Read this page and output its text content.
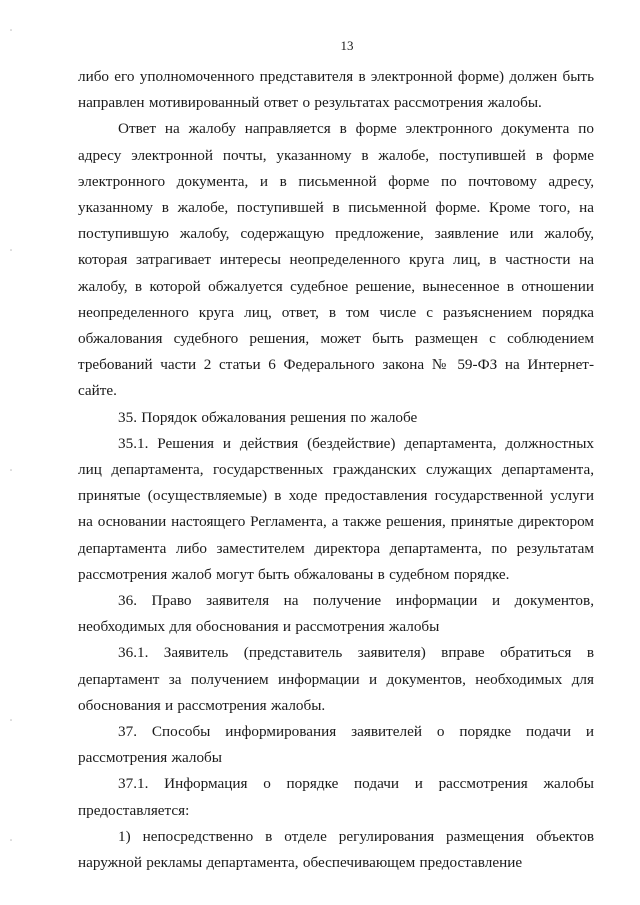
13

либо его уполномоченного представителя в электронной форме) должен быть направлен мотивированный ответ о результатах рассмотрения жалобы.

Ответ на жалобу направляется в форме электронного документа по адресу электронной почты, указанному в жалобе, поступившей в форме электронного документа, и в письменной форме по почтовому адресу, указанному в жалобе, поступившей в письменной форме. Кроме того, на поступившую жалобу, содержащую предложение, заявление или жалобу, которая затрагивает интересы неопределенного круга лиц, в частности на жалобу, в которой обжалуется судебное решение, вынесенное в отношении неопределенного круга лиц, ответ, в том числе с разъяснением порядка обжалования судебного решения, может быть размещен с соблюдением требований части 2 статьи 6 Федерального закона № 59-ФЗ на Интернет-сайте.

35. Порядок обжалования решения по жалобе

35.1. Решения и действия (бездействие) департамента, должностных лиц департамента, государственных гражданских служащих департамента, принятые (осуществляемые) в ходе предоставления государственной услуги на основании настоящего Регламента, а также решения, принятые директором департамента либо заместителем директора департамента, по результатам рассмотрения жалоб могут быть обжалованы в судебном порядке.

36. Право заявителя на получение информации и документов, необходимых для обоснования и рассмотрения жалобы

36.1. Заявитель (представитель заявителя) вправе обратиться в департамент за получением информации и документов, необходимых для обоснования и рассмотрения жалобы.

37. Способы информирования заявителей о порядке подачи и рассмотрения жалобы

37.1. Информация о порядке подачи и рассмотрения жалобы предоставляется:

1) непосредственно в отделе регулирования размещения объектов наружной рекламы департамента, обеспечивающем предоставление
